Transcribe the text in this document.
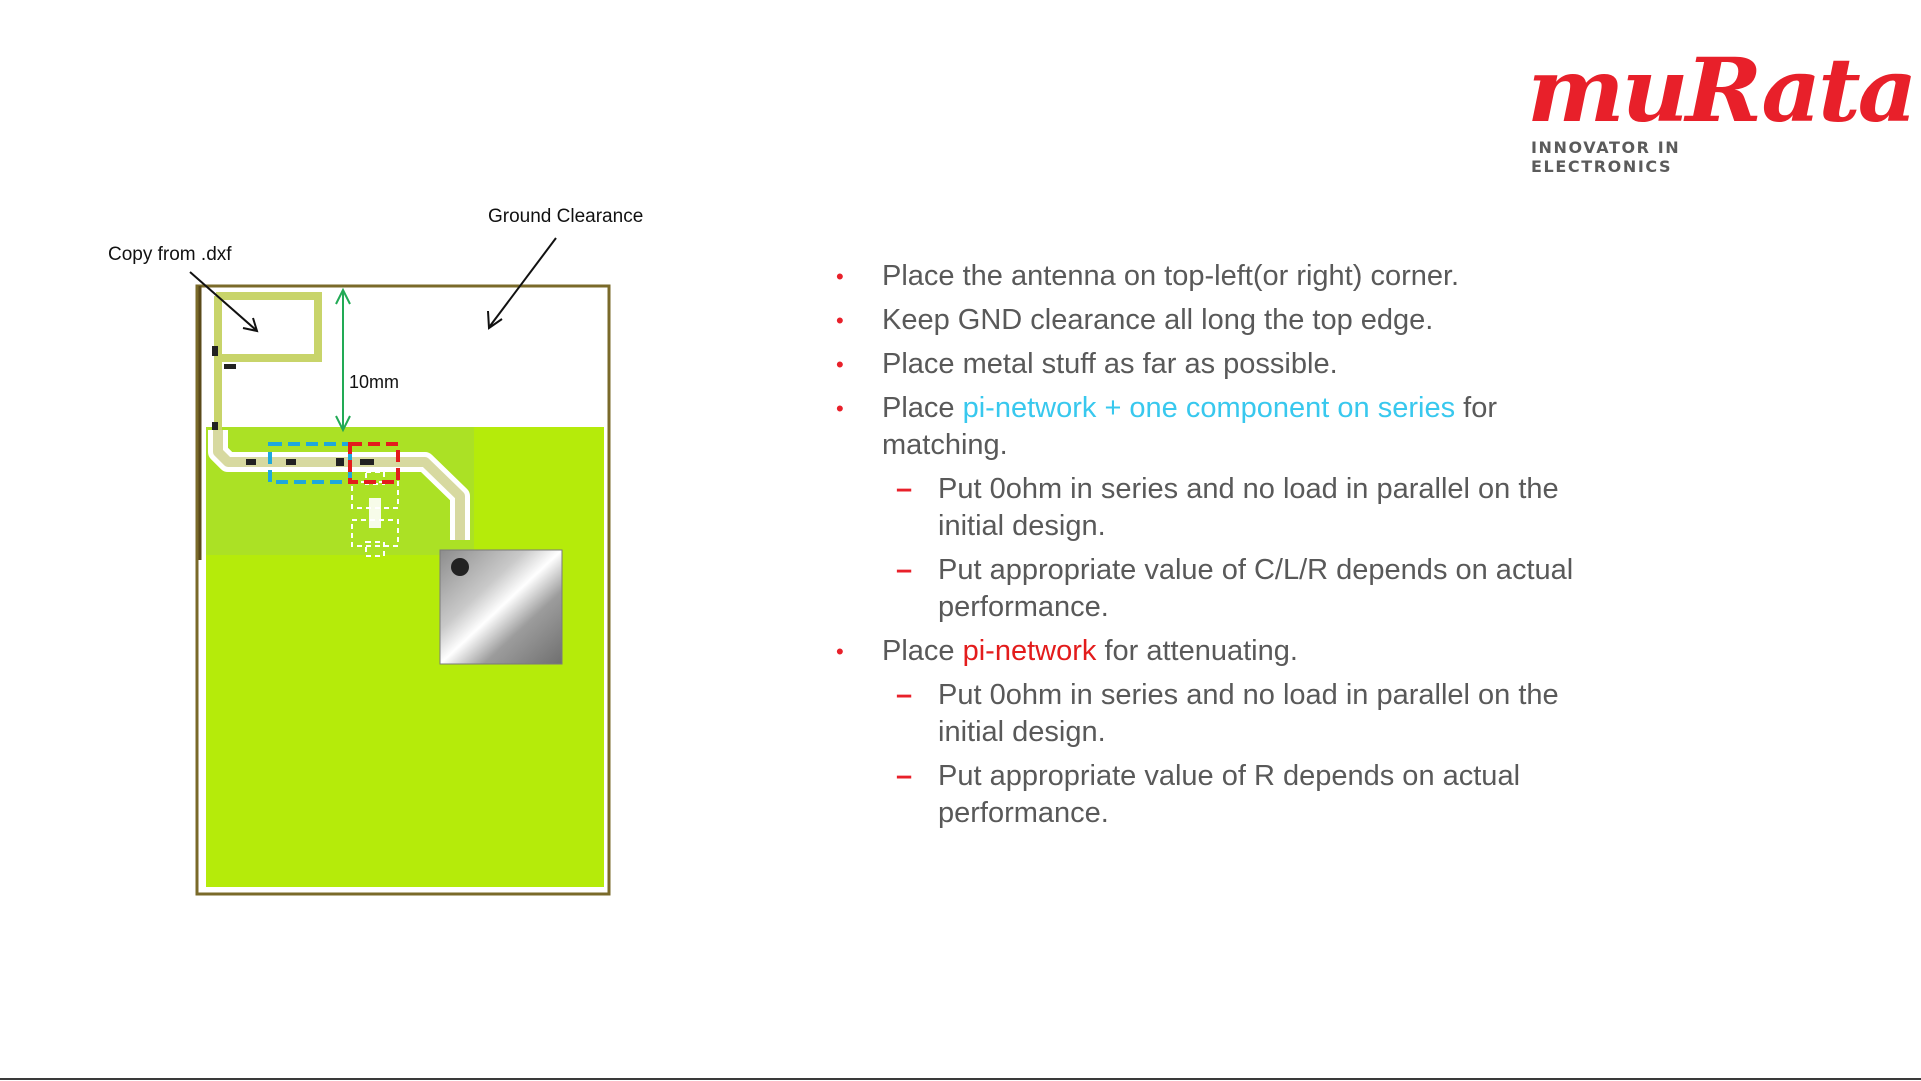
muRata
INNOVATOR IN ELECTRONICS
Copy from .dxf
Ground Clearance
10mm
• Place the antenna on top-left(or right) corner.
• Keep GND clearance all long the top edge.
• Place metal stuff as far as possible.
• Place pi-network + one component on series for matching.
– Put 0ohm in series and no load in parallel on the initial design.
– Put appropriate value of C/L/R depends on actual performance.
• Place pi-network for attenuating.
– Put 0ohm in series and no load in parallel on the initial design.
– Put appropriate value of R depends on actual performance.
